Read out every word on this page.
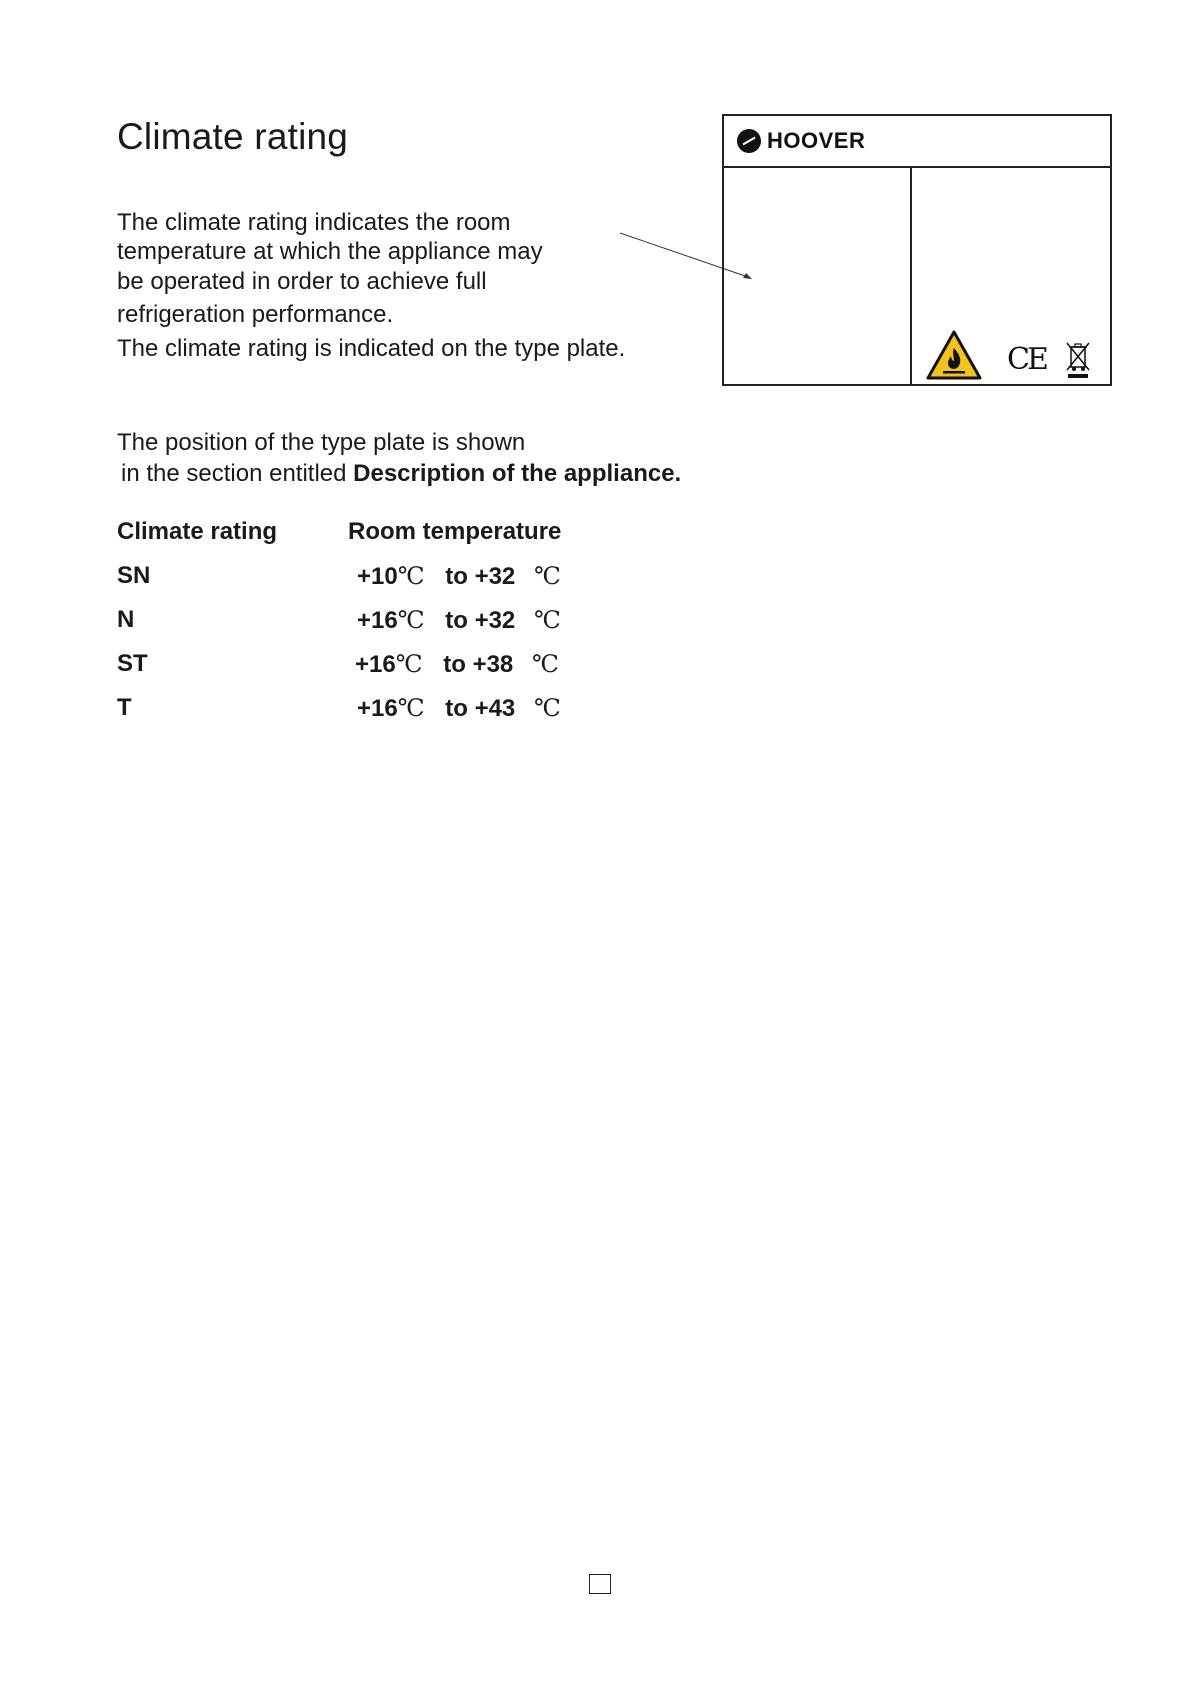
Climate rating
The climate rating indicates the room
temperature at which the appliance may
be operated in order to achieve full
refrigeration performance.
The climate rating is indicated on the type plate.
HOOVER
CE
The position of the type plate is shown
in the section entitled Description of the appliance.
Climate rating	Room temperature
SN	+10℃ to +32 ℃
N	+16℃ to +32 ℃
ST	+16℃ to +38 ℃
T	+16℃ to +43 ℃
